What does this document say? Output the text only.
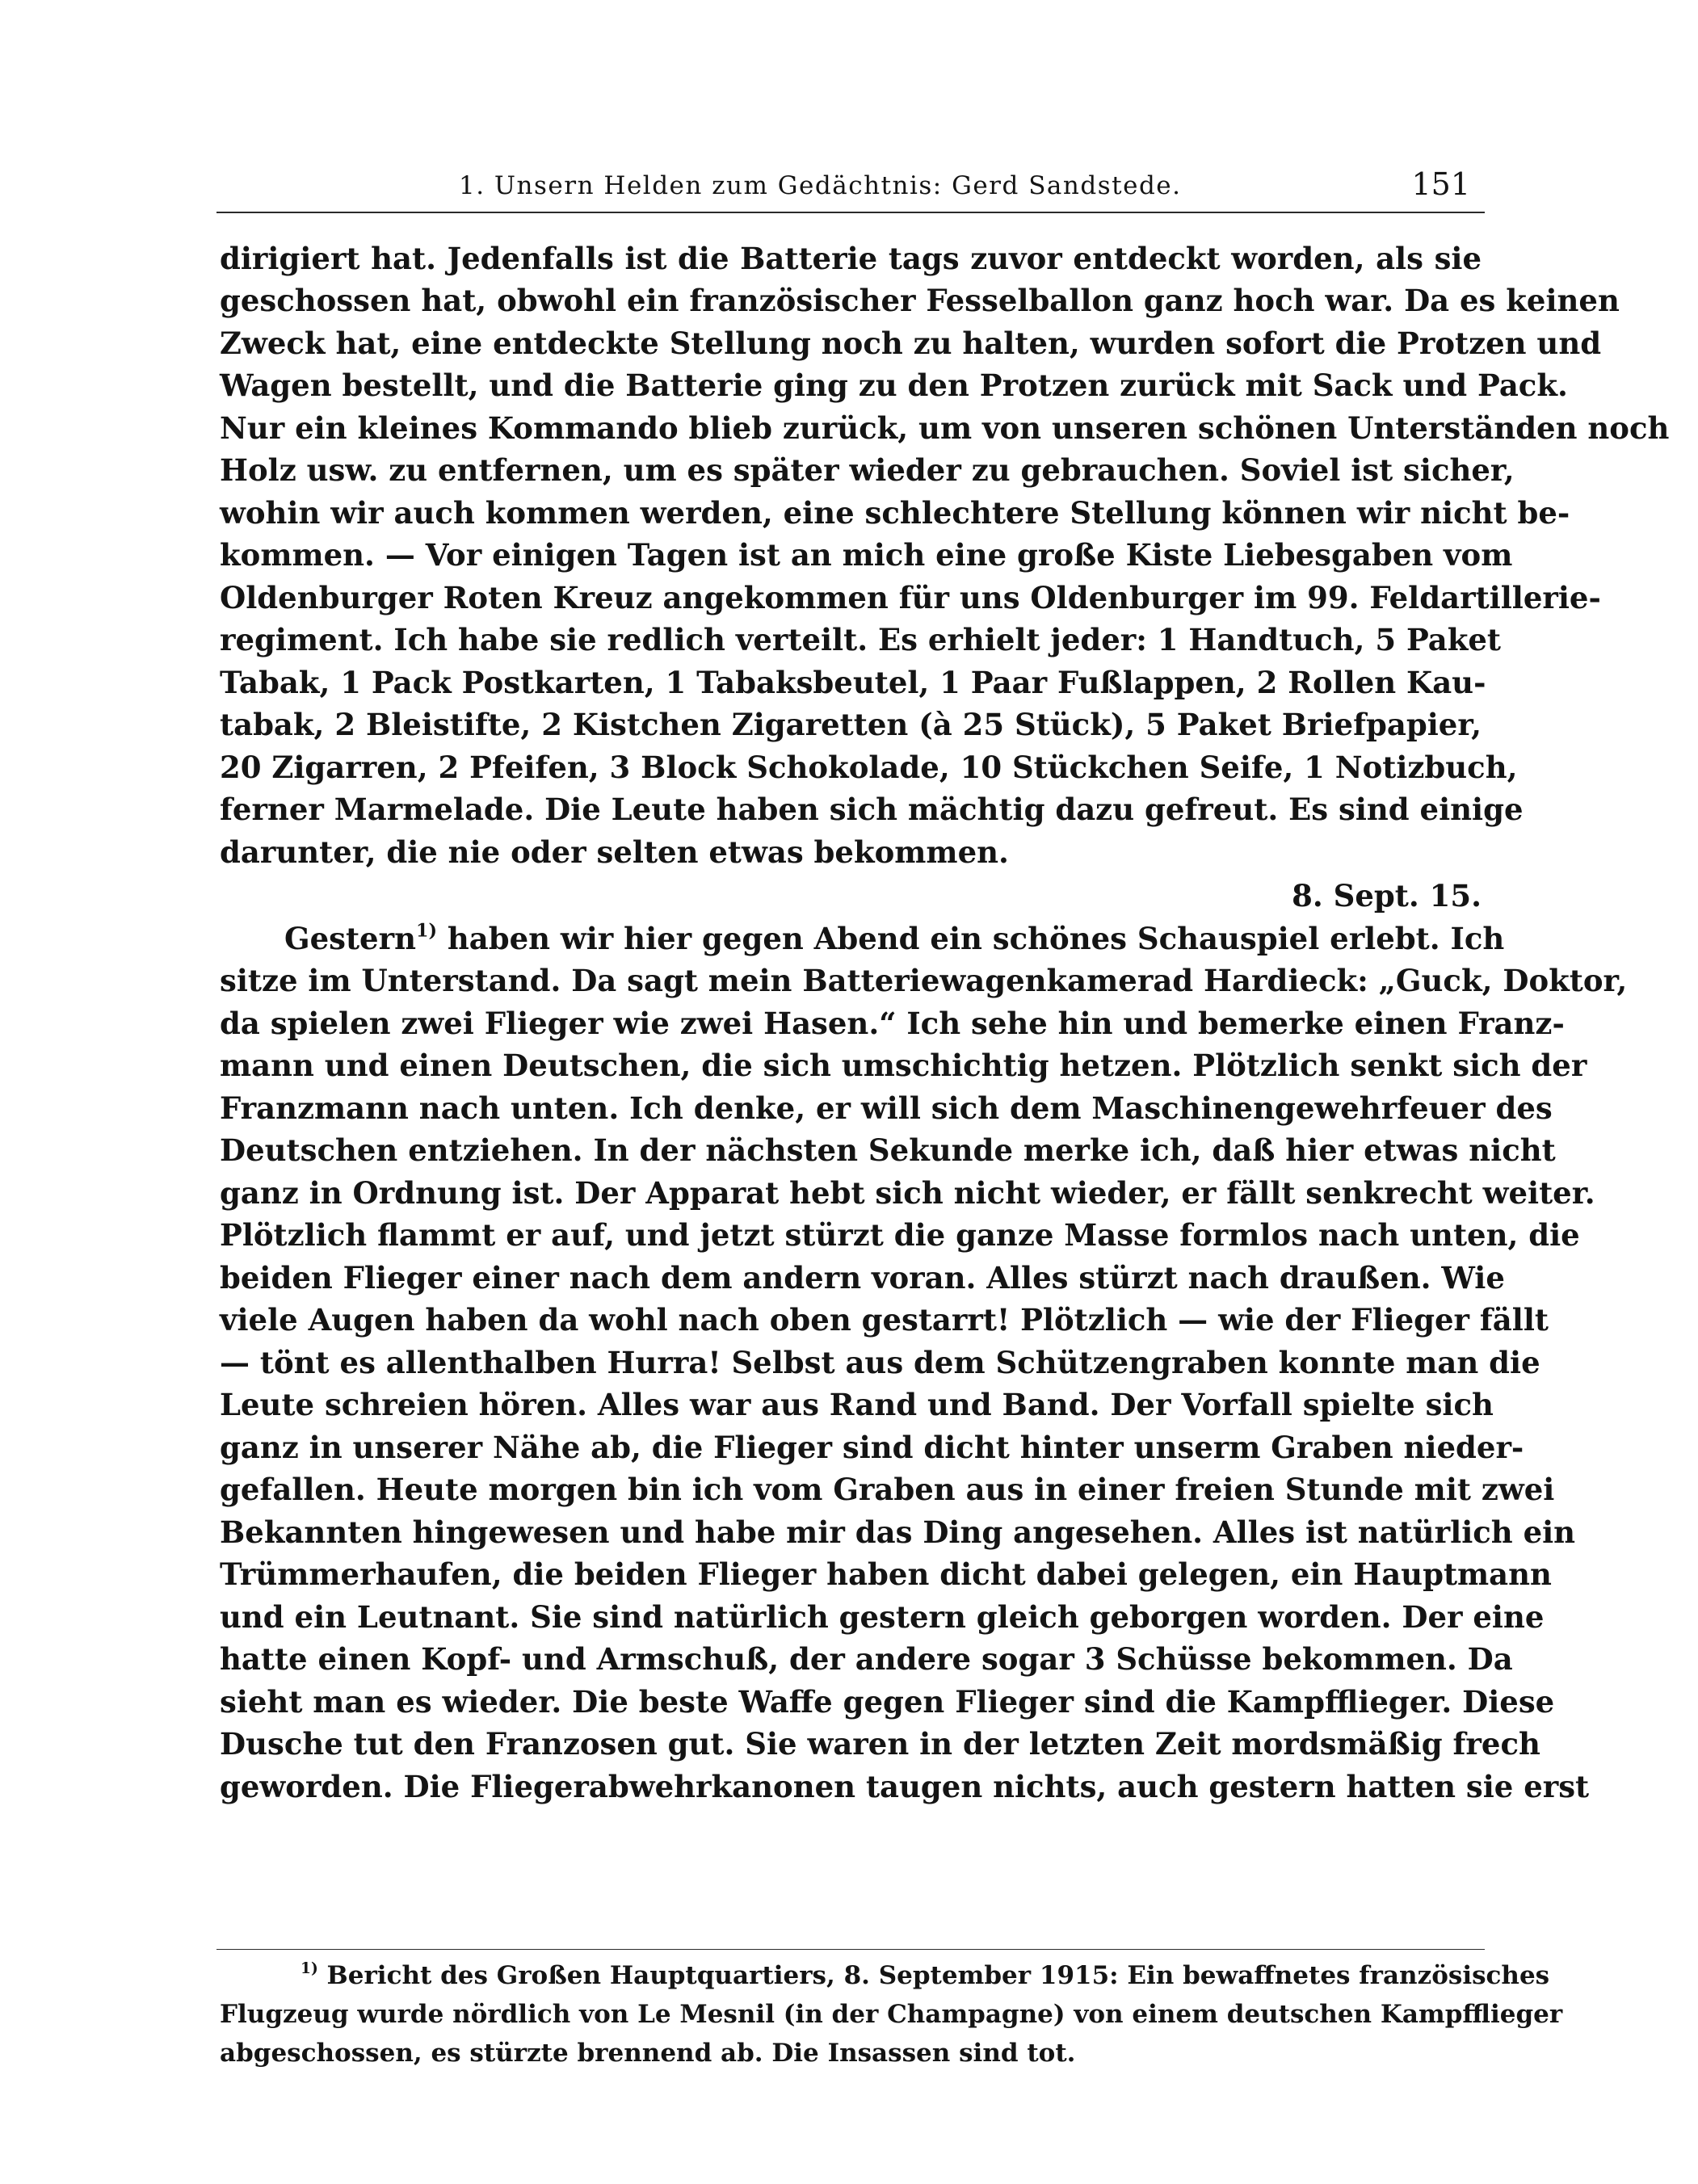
1. Unsern Helden zum Gedächtnis: Gerd Sandstede.	151
dirigiert hat. Jedenfalls ist die Batterie tags zuvor entdeckt worden, als sie
geschossen hat, obwohl ein französischer Fesselballon ganz hoch war. Da es keinen
Zweck hat, eine entdeckte Stellung noch zu halten, wurden sofort die Protzen und
Wagen bestellt, und die Batterie ging zu den Protzen zurück mit Sack und Pack.
Nur ein kleines Kommando blieb zurück, um von unseren schönen Unterständen noch
Holz usw. zu entfernen, um es später wieder zu gebrauchen. Soviel ist sicher,
wohin wir auch kommen werden, eine schlechtere Stellung können wir nicht be-
kommen. — Vor einigen Tagen ist an mich eine große Kiste Liebesgaben vom
Oldenburger Roten Kreuz angekommen für uns Oldenburger im 99. Feldartillerie-
regiment. Ich habe sie redlich verteilt. Es erhielt jeder: 1 Handtuch, 5 Paket
Tabak, 1 Pack Postkarten, 1 Tabaksbeutel, 1 Paar Fußlappen, 2 Rollen Kau-
tabak, 2 Bleistifte, 2 Kistchen Zigaretten (à 25 Stück), 5 Paket Briefpapier,
20 Zigarren, 2 Pfeifen, 3 Block Schokolade, 10 Stückchen Seife, 1 Notizbuch,
ferner Marmelade. Die Leute haben sich mächtig dazu gefreut. Es sind einige
darunter, die nie oder selten etwas bekommen.
8. Sept. 15.
Gestern$^{1)}$ haben wir hier gegen Abend ein schönes Schauspiel erlebt. Ich
sitze im Unterstand. Da sagt mein Batteriewagenkamerad Hardieck: „Guck, Doktor,
da spielen zwei Flieger wie zwei Hasen.“ Ich sehe hin und bemerke einen Franz-
mann und einen Deutschen, die sich umschichtig hetzen. Plötzlich senkt sich der
Franzmann nach unten. Ich denke, er will sich dem Maschinengewehrfeuer des
Deutschen entziehen. In der nächsten Sekunde merke ich, daß hier etwas nicht
ganz in Ordnung ist. Der Apparat hebt sich nicht wieder, er fällt senkrecht weiter.
Plötzlich flammt er auf, und jetzt stürzt die ganze Masse formlos nach unten, die
beiden Flieger einer nach dem andern voran. Alles stürzt nach draußen. Wie
viele Augen haben da wohl nach oben gestarrt! Plötzlich — wie der Flieger fällt
— tönt es allenthalben Hurra! Selbst aus dem Schützengraben konnte man die
Leute schreien hören. Alles war aus Rand und Band. Der Vorfall spielte sich
ganz in unserer Nähe ab, die Flieger sind dicht hinter unserm Graben nieder-
gefallen. Heute morgen bin ich vom Graben aus in einer freien Stunde mit zwei
Bekannten hingewesen und habe mir das Ding angesehen. Alles ist natürlich ein
Trümmerhaufen, die beiden Flieger haben dicht dabei gelegen, ein Hauptmann
und ein Leutnant. Sie sind natürlich gestern gleich geborgen worden. Der eine
hatte einen Kopf- und Armschuß, der andere sogar 3 Schüsse bekommen. Da
sieht man es wieder. Die beste Waffe gegen Flieger sind die Kampfflieger. Diese
Dusche tut den Franzosen gut. Sie waren in der letzten Zeit mordsmäßig frech
geworden. Die Fliegerabwehrkanonen taugen nichts, auch gestern hatten sie erst
$^{1)}$ Bericht des Großen Hauptquartiers, 8. September 1915: Ein bewaffnetes französisches
Flugzeug wurde nördlich von Le Mesnil (in der Champagne) von einem deutschen Kampfflieger
abgeschossen, es stürzte brennend ab. Die Insassen sind tot.
